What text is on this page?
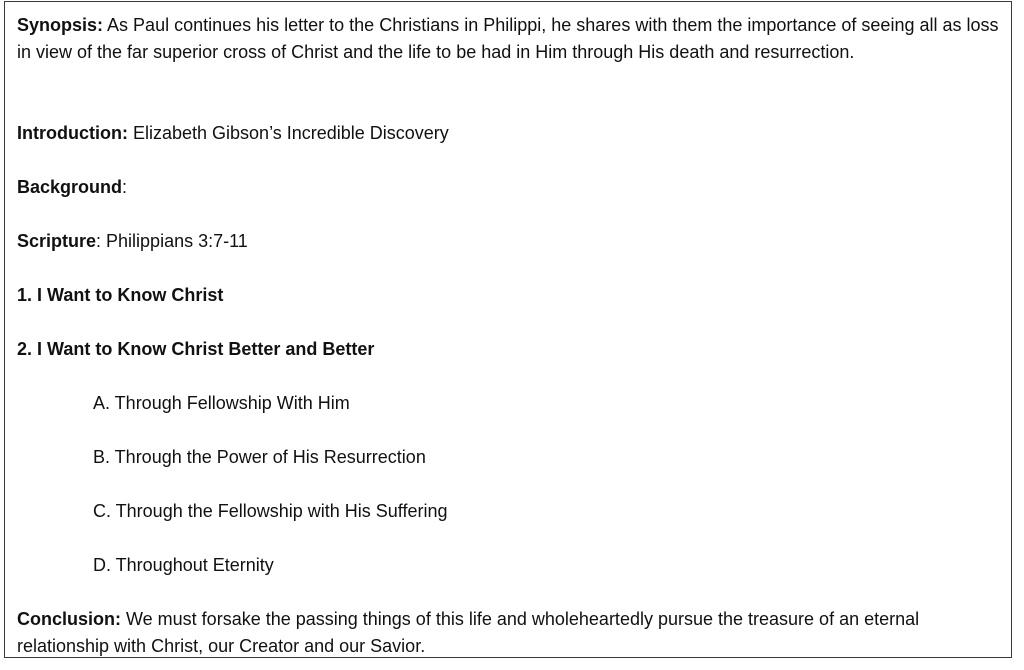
Synopsis: As Paul continues his letter to the Christians in Philippi, he shares with them the importance of seeing all as loss in view of the far superior cross of Christ and the life to be had in Him through His death and resurrection.
Introduction: Elizabeth Gibson’s Incredible Discovery
Background:
Scripture: Philippians 3:7-11
1. I Want to Know Christ
2. I Want to Know Christ Better and Better
A. Through Fellowship With Him
B. Through the Power of His Resurrection
C. Through the Fellowship with His Suffering
D. Throughout Eternity
Conclusion: We must forsake the passing things of this life and wholeheartedly pursue the treasure of an eternal relationship with Christ, our Creator and our Savior.
